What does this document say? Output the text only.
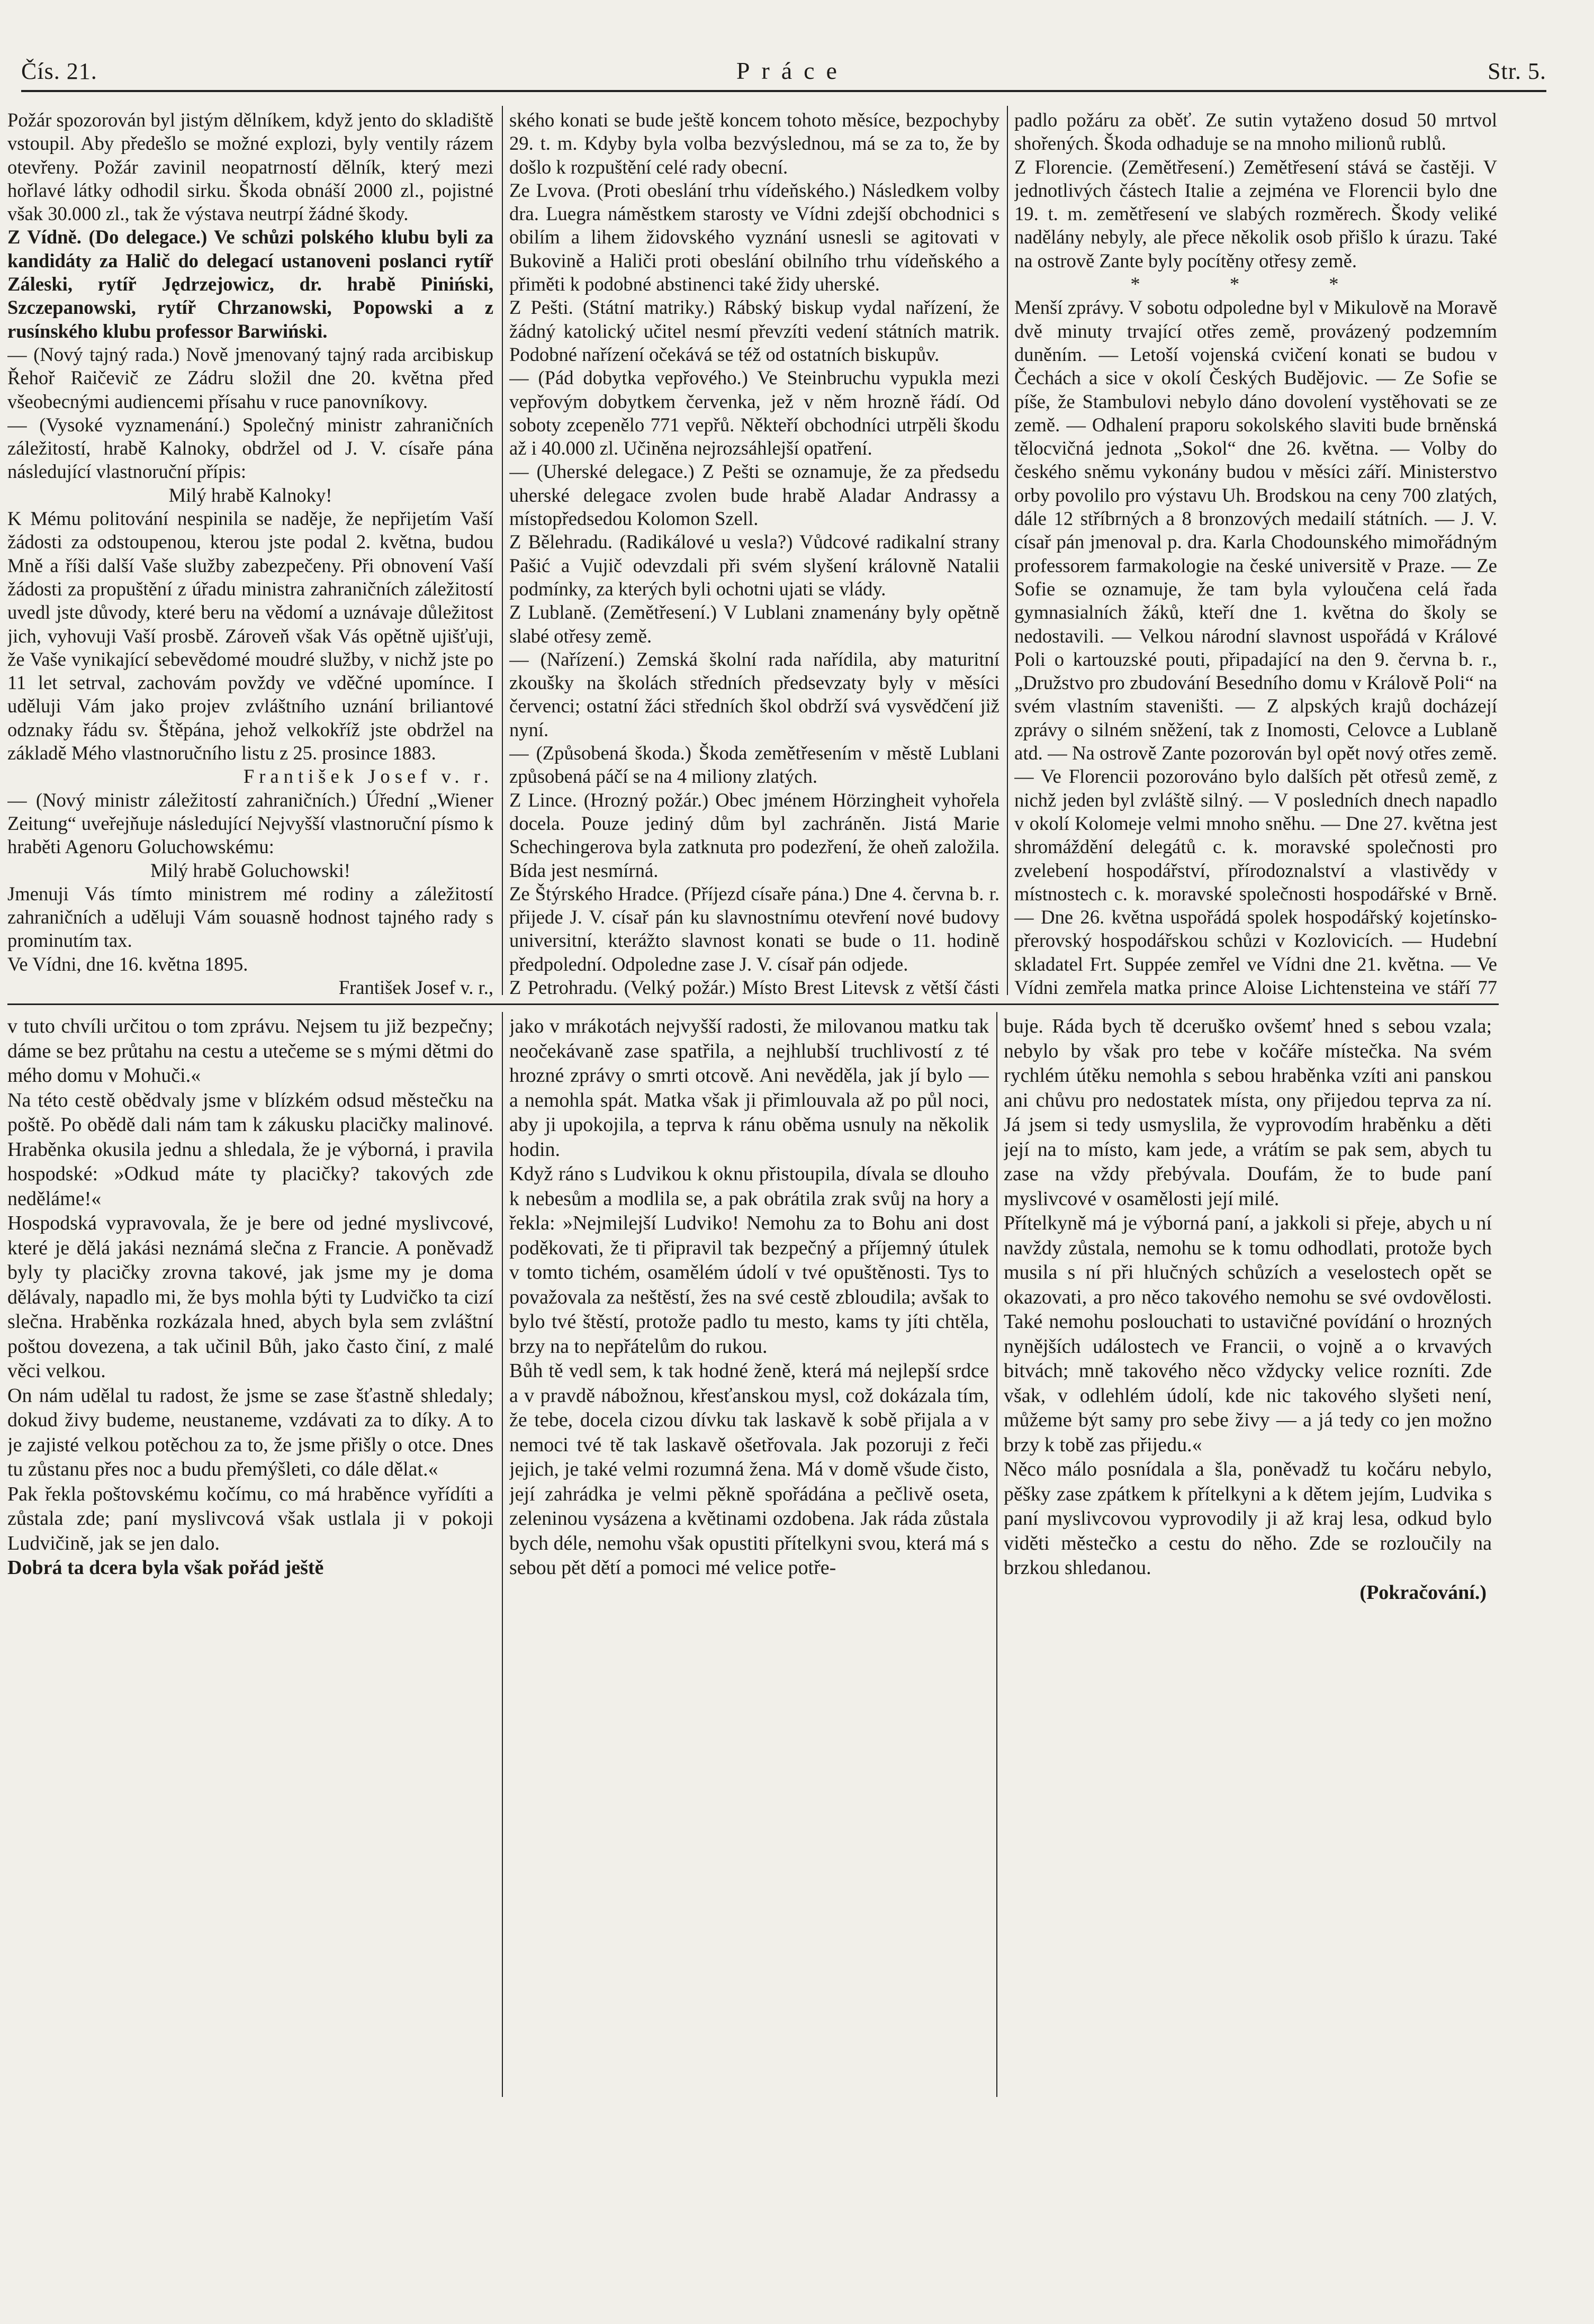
Čís. 21.	Práce	Str. 5.

Požár spozorován byl jistým dělníkem, když jento do skladiště vstoupil. Aby předešlo se možné explozi, byly ventily rázem otevřeny. Požár zavinil neopatrností dělník, který mezi hořlavé látky odhodil sirku. Škoda obnáší 2000 zl., pojistné však 30.000 zl., tak že výstava neutrpí žádné škody.

Z Vídně. (Do delegace.) Ve schůzi polského klubu byli za kandidáty za Halič do delegací ustanoveni poslanci rytíř Záleski, rytíř Jędrzejowicz, dr. hrabě Piniński, Szczepanowski, rytíř Chrzanowski, Popowski a z rusínského klubu professor Barwiński.

— (Nový tajný rada.) Nově jmenovaný tajný rada arcibiskup Řehoř Raičevič ze Zádru složil dne 20. května před všeobecnými audiencemi přísahu v ruce panovníkovy.

— (Vysoké vyznamenání.) Společný ministr zahraničních záležitostí, hrabě Kalnoky, obdržel od J. V. císaře pána následující vlastnoruční přípis:

Milý hrabě Kalnoky!

K Mému politování nespinila se naděje, že nepřijetím Vaší žádosti za odstoupenou, kterou jste podal 2. května, budou Mně a říši další Vaše služby zabezpečeny. Při obnovení Vaší žádosti za propuštění z úřadu ministra zahraničních záležitostí uvedl jste důvody, které beru na vědomí a uznávaje důležitost jich, vyhovuji Vaší prosbě. Zároveň však Vás opětně ujišťuji, že Vaše vynikající sebevědomé moudré služby, v nichž jste po 11 let setrval, zachovám povždy ve vděčné upomínce. I uděluji Vám jako projev zvláštního uznání briliantové odznaky řádu sv. Štěpána, jehož velkokříž jste obdržel na základě Mého vlastnoručního listu z 25. prosince 1883.

František Josef v. r.

— (Nový ministr záležitostí zahraničních.) Úřední „Wiener Zeitung“ uveřejňuje následující Nejvyšší vlastnoruční písmo k hraběti Agenoru Goluchowskému:

Milý hrabě Goluchowski!

Jmenuji Vás tímto ministrem mé rodiny a záležitostí zahraničních a uděluji Vám souasně hodnost tajného rady s prominutím tax.

Ve Vídni, dne 16. května 1895.

František Josef v. r.,

ského konati se bude ještě koncem tohoto měsíce, bezpochyby 29. t. m. Kdyby byla volba bezvýslednou, má se za to, že by došlo k rozpuštění celé rady obecní.

Ze Lvova. (Proti obeslání trhu vídeňského.) Následkem volby dra. Luegra náměstkem starosty ve Vídni zdejší obchodnici s obilím a lihem židovského vyznání usnesli se agitovati v Bukovině a Haliči proti obeslání obilního trhu vídeňského a přiměti k podobné abstinenci také židy uherské.

Z Pešti. (Státní matriky.) Rábský biskup vydal nařízení, že žádný katolický učitel nesmí převzíti vedení státních matrik. Podobné nařízení očekává se též od ostatních biskupův.

— (Pád dobytka vepřového.) Ve Steinbruchu vypukla mezi vepřovým dobytkem červenka, jež v něm hrozně řádí. Od soboty zcepenělo 771 vepřů. Někteří obchodníci utrpěli škodu až i 40.000 zl. Učiněna nejrozsáhlejší opatření.

— (Uherské delegace.) Z Pešti se oznamuje, že za předsedu uherské delegace zvolen bude hrabě Aladar Andrassy a místopředsedou Kolomon Szell.

Z Bělehradu. (Radikálové u vesla?) Vůdcové radikalní strany Pašić a Vujič odevzdali při svém slyšení královně Natalii podmínky, za kterých byli ochotni ujati se vlády.

Z Lublaně. (Zemětřesení.) V Lublani znamenány byly opětně slabé otřesy země.

— (Nařízení.) Zemská školní rada nařídila, aby maturitní zkoušky na školách středních předsevzaty byly v měsíci červenci; ostatní žáci středních škol obdrží svá vysvědčení již nyní.

— (Způsobená škoda.) Škoda zemětřesením v městě Lublani způsobená páčí se na 4 miliony zlatých.

Z Lince. (Hrozný požár.) Obec jménem Hörzingheit vyhořela docela. Pouze jediný dům byl zachráněn. Jistá Marie Schechingerova byla zatknuta pro podezření, že oheň založila. Bída jest nesmírná.

Ze Štýrského Hradce. (Příjezd císaře pána.) Dne 4. června b. r. přijede J. V. císař pán ku slavnostnímu otevření nové budovy universitní, kterážto slavnost konati se bude o 11. hodině předpolední. Odpoledne zase J. V. císař pán odjede.

Z Petrohradu. (Velký požár.) Místo Brest Litevsk z větší části

padlo požáru za oběť. Ze sutin vytaženo dosud 50 mrtvol shořených. Škoda odhaduje se na mnoho milionů rublů.

Z Florencie. (Zemětřesení.) Zemětřesení stává se častěji. V jednotlivých částech Italie a zejména ve Florencii bylo dne 19. t. m. zemětřesení ve slabých rozměrech. Škody veliké nadělány nebyly, ale přece několik osob přišlo k úrazu. Také na ostrově Zante byly pocítěny otřesy země.

* * *

Menší zprávy. V sobotu odpoledne byl v Mikulově na Moravě dvě minuty trvající otřes země, provázený podzemním duněním. — Letoší vojenská cvičení konati se budou v Čechách a sice v okolí Českých Budějovic. — Ze Sofie se píše, že Stambulovi nebylo dáno dovolení vystěhovati se ze země. — Odhalení praporu sokolského slaviti bude brněnská tělocvičná jednota „Sokol“ dne 26. května. — Volby do českého sněmu vykonány budou v měsíci září. Ministerstvo orby povolilo pro výstavu Uh. Brodskou na ceny 700 zlatých, dále 12 stříbrných a 8 bronzových medailí státních. — J. V. císař pán jmenoval p. dra. Karla Chodounského mimořádným professorem farmakologie na české universitě v Praze. — Ze Sofie se oznamuje, že tam byla vyloučena celá řada gymnasialních žáků, kteří dne 1. května do školy se nedostavili. — Velkou národní slavnost uspořádá v Králové Poli o kartouzské pouti, připadající na den 9. června b. r., „Družstvo pro zbudování Besedního domu v Králově Poli“ na svém vlastním staveništi. — Z alpských krajů docházejí zprávy o silném sněžení, tak z Inomosti, Celovce a Lublaně atd. — Na ostrově Zante pozorován byl opět nový otřes země. — Ve Florencii pozorováno bylo dalších pět otřesů země, z nichž jeden byl zvláště silný. — V posledních dnech napadlo v okolí Kolomeje velmi mnoho sněhu. — Dne 27. května jest shromáždění delegátů c. k. moravské společnosti pro zvelebení hospodářství, přírodoznalství a vlastivědy v místnostech c. k. moravské společnosti hospodářské v Brně. — Dne 26. května uspořádá spolek hospodářský kojetínsko-přerovský hospodářskou schůzi v Kozlovicích. — Hudební skladatel Frt. Suppée zemřel ve Vídni dne 21. května. — Ve Vídni zemřela matka prince Aloise Lichtensteina ve stáří 77

v tuto chvíli určitou o tom zprávu. Nejsem tu již bezpečny; dáme se bez průtahu na cestu a utečeme se s mými dětmi do mého domu v Mohuči.«

Na této cestě obědvaly jsme v blízkém odsud městečku na poště. Po obědě dali nám tam k zákusku placičky malinové. Hraběnka okusila jednu a shledala, že je výborná, i pravila hospodské: »Odkud máte ty placičky? takových zde neděláme!«

Hospodská vypravovala, že je bere od jedné myslivcové, které je dělá jakási neznámá slečna z Francie. A poněvadž byly ty placičky zrovna takové, jak jsme my je doma dělávaly, napadlo mi, že bys mohla býti ty Ludvičko ta cizí slečna. Hraběnka rozkázala hned, abych byla sem zvláštní poštou dovezena, a tak učinil Bůh, jako často činí, z malé věci velkou.

On nám udělal tu radost, že jsme se zase šťastně shledaly; dokud živy budeme, neustaneme, vzdávati za to díky. A to je zajisté velkou potěchou za to, že jsme přišly o otce. Dnes tu zůstanu přes noc a budu přemýšleti, co dále dělat.«

Pak řekla poštovskému kočímu, co má hraběnce vyřídíti a zůstala zde; paní myslivcová však ustlala ji v pokoji Ludvičině, jak se jen dalo.

Dobrá ta dcera byla však pořád ještě

jako v mrákotách nejvyšší radosti, že milovanou matku tak neočekávaně zase spatřila, a nejhlubší truchlivostí z té hrozné zprávy o smrti otcově. Ani nevěděla, jak jí bylo — a nemohla spát. Matka však ji přimlouvala až po půl noci, aby ji upokojila, a teprva k ránu oběma usnuly na několik hodin.

Když ráno s Ludvikou k oknu přistoupila, dívala se dlouho k nebesům a modlila se, a pak obrátila zrak svůj na hory a řekla: »Nejmilejší Ludviko! Nemohu za to Bohu ani dost poděkovati, že ti připravil tak bezpečný a příjemný útulek v tomto tichém, osamělém údolí v tvé opuštěnosti. Tys to považovala za neštěstí, žes na své cestě zbloudila; avšak to bylo tvé štěstí, protože padlo tu mesto, kams ty jíti chtěla, brzy na to nepřátelům do rukou.

Bůh tě vedl sem, k tak hodné ženě, která má nejlepší srdce a v pravdě nábožnou, křesťanskou mysl, což dokázala tím, že tebe, docela cizou dívku tak laskavě k sobě přijala a v nemoci tvé tě tak laskavě ošetřovala. Jak pozoruji z řeči jejich, je také velmi rozumná žena. Má v domě všude čisto, její zahrádka je velmi pěkně spořádána a pečlivě oseta, zeleninou vysázena a květinami ozdobena. Jak ráda zůstala bych déle, nemohu však opustiti přítelkyni svou, která má s sebou pět dětí a pomoci mé velice potře-

buje. Ráda bych tě dceruško ovšemť hned s sebou vzala; nebylo by však pro tebe v kočáře místečka. Na svém rychlém útěku nemohla s sebou hraběnka vzíti ani panskou ani chůvu pro nedostatek místa, ony přijedou teprva za ní. Já jsem si tedy usmyslila, že vyprovodím hraběnku a děti její na to místo, kam jede, a vrátím se pak sem, abych tu zase na vždy přebývala. Doufám, že to bude paní myslivcové v osamělosti její milé.

Přítelkyně má je výborná paní, a jakkoli si přeje, abych u ní navždy zůstala, nemohu se k tomu odhodlati, protože bych musila s ní při hlučných schůzích a veselostech opět se okazovati, a pro něco takového nemohu se své ovdovělosti. Také nemohu poslouchati to ustavičné povídání o hrozných nynějších událostech ve Francii, o vojně a o krvavých bitvách; mně takového něco vždycky velice rozníti. Zde však, v odlehlém údolí, kde nic takového slyšeti není, můžeme být samy pro sebe živy — a já tedy co jen možno brzy k tobě zas přijedu.«

Něco málo posnídala a šla, poněvadž tu kočáru nebylo, pěšky zase zpátkem k přítelkyni a k dětem jejím, Ludvika s paní myslivcovou vyprovodily ji až kraj lesa, odkud bylo viděti městečko a cestu do něho. Zde se rozloučily na brzkou shledanou.

(Pokračování.)
